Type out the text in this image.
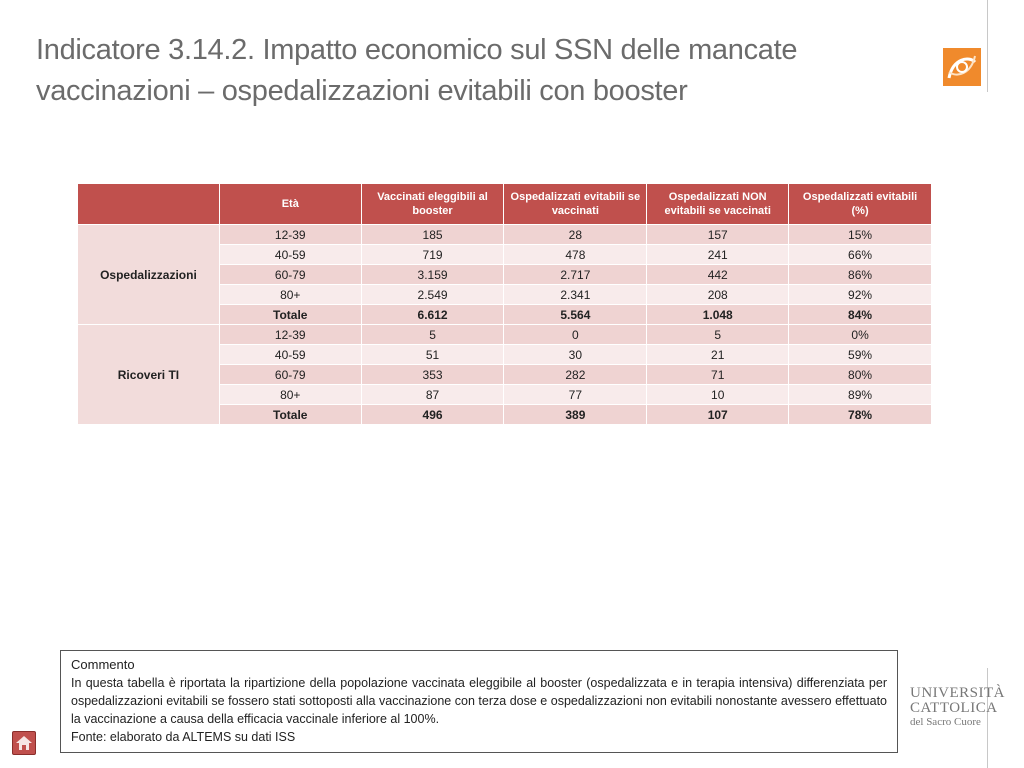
Indicatore 3.14.2. Impatto economico sul SSN delle mancate vaccinazioni – ospedalizzazioni evitabili con booster
	Età	Vaccinati eleggibili al booster	Ospedalizzati evitabili se vaccinati	Ospedalizzati NON evitabili se vaccinati	Ospedalizzati evitabili (%)
Ospedalizzazioni	12-39	185	28	157	15%
	40-59	719	478	241	66%
	60-79	3.159	2.717	442	86%
	80+	2.549	2.341	208	92%
	Totale	6.612	5.564	1.048	84%
Ricoveri TI	12-39	5	0	5	0%
	40-59	51	30	21	59%
	60-79	353	282	71	80%
	80+	87	77	10	89%
	Totale	496	389	107	78%
Commento
In questa tabella è riportata la ripartizione della popolazione vaccinata eleggibile al booster (ospedalizzata e in terapia intensiva) differenziata per ospedalizzazioni evitabili se fossero stati sottoposti alla vaccinazione con terza dose e ospedalizzazioni non evitabili nonostante avessero effettuato la vaccinazione a causa della efficacia vaccinale inferiore al 100%.
Fonte: elaborato da ALTEMS su dati ISS
UNIVERSITÀ
CATTOLICA
del Sacro Cuore
